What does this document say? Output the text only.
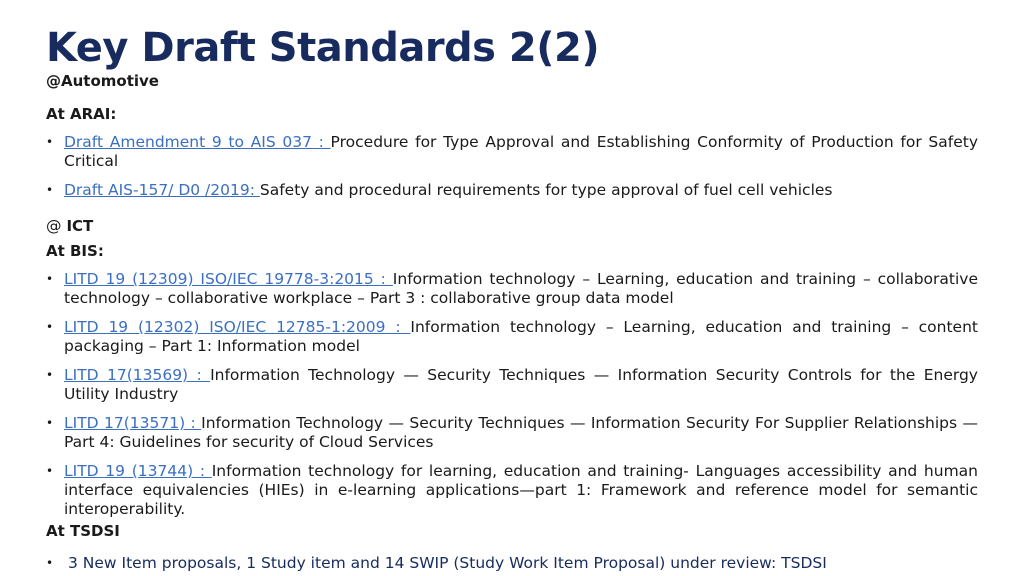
Key Draft Standards 2(2)

@Automotive

At ARAI:

• Draft Amendment 9 to AIS 037 : Procedure for Type Approval and Establishing Conformity of Production for Safety Critical
• Draft AIS-157/ D0 /2019: Safety and procedural requirements for type approval of fuel cell vehicles

@ ICT

At BIS:

• LITD 19 (12309) ISO/IEC 19778-3:2015 : Information technology – Learning, education and training – collaborative technology – collaborative workplace – Part 3 : collaborative group data model
• LITD 19 (12302) ISO/IEC 12785-1:2009 : Information technology – Learning, education and training – content packaging – Part 1: Information model
• LITD 17(13569) : Information Technology — Security Techniques — Information Security Controls for the Energy Utility Industry
• LITD 17(13571) : Information Technology — Security Techniques — Information Security For Supplier Relationships — Part 4: Guidelines for security of Cloud Services
• LITD 19 (13744) : Information technology for learning, education and training- Languages accessibility and human interface equivalencies (HIEs) in e-learning applications—part 1: Framework and reference model for semantic interoperability.

At TSDSI

• 3 New Item proposals, 1 Study item and 14 SWIP (Study Work Item Proposal) under review: TSDSI
